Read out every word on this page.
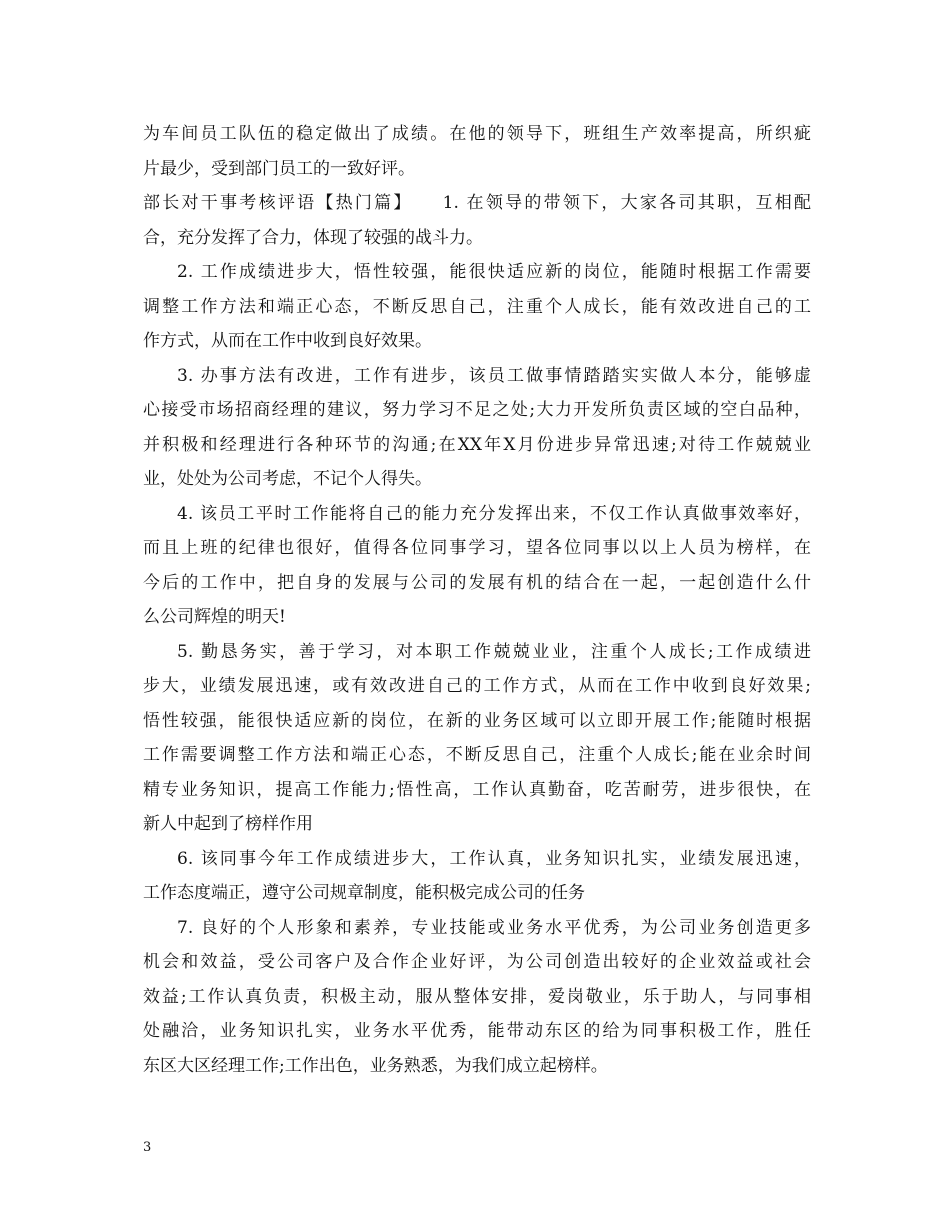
为车间员工队伍的稳定做出了成绩。在他的领导下，班组生产效率提高，所织疵
片最少，受到部门员工的一致好评。
部长对干事考核评语【热门篇】　　1. 在领导的带领下，大家各司其职，互相配
合，充分发挥了合力，体现了较强的战斗力。
2. 工作成绩进步大，悟性较强，能很快适应新的岗位，能随时根据工作需要
调整工作方法和端正心态，不断反思自己，注重个人成长，能有效改进自己的工
作方式，从而在工作中收到良好效果。
3. 办事方法有改进，工作有进步，该员工做事情踏踏实实做人本分，能够虚
心接受市场招商经理的建议，努力学习不足之处;大力开发所负责区域的空白品种，
并积极和经理进行各种环节的沟通;在XX年X月份进步异常迅速;对待工作兢兢业
业，处处为公司考虑，不记个人得失。
4. 该员工平时工作能将自己的能力充分发挥出来，不仅工作认真做事效率好，
而且上班的纪律也很好，值得各位同事学习，望各位同事以以上人员为榜样，在
今后的工作中，把自身的发展与公司的发展有机的结合在一起，一起创造什么什
么公司辉煌的明天!
5. 勤恳务实，善于学习，对本职工作兢兢业业，注重个人成长;工作成绩进
步大，业绩发展迅速，或有效改进自己的工作方式，从而在工作中收到良好效果;
悟性较强，能很快适应新的岗位，在新的业务区域可以立即开展工作;能随时根据
工作需要调整工作方法和端正心态，不断反思自己，注重个人成长;能在业余时间
精专业务知识，提高工作能力;悟性高，工作认真勤奋，吃苦耐劳，进步很快，在
新人中起到了榜样作用
6. 该同事今年工作成绩进步大，工作认真，业务知识扎实，业绩发展迅速，
工作态度端正，遵守公司规章制度，能积极完成公司的任务
7. 良好的个人形象和素养，专业技能或业务水平优秀，为公司业务创造更多
机会和效益，受公司客户及合作企业好评，为公司创造出较好的企业效益或社会
效益;工作认真负责，积极主动，服从整体安排，爱岗敬业，乐于助人，与同事相
处融洽，业务知识扎实，业务水平优秀，能带动东区的给为同事积极工作，胜任
东区大区经理工作;工作出色，业务熟悉，为我们成立起榜样。
3
